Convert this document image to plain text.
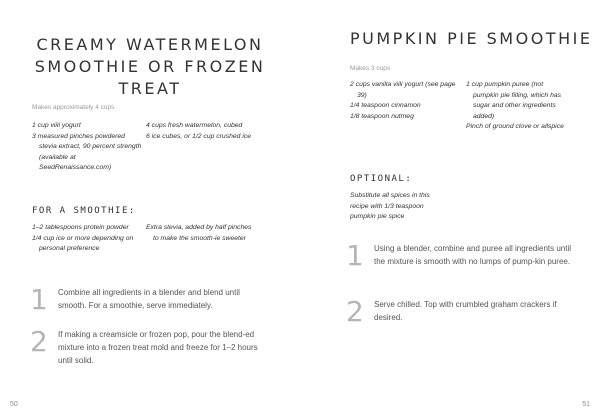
CREAMY WATERMELON
SMOOTHIE OR FROZEN
TREAT
Makes approximately 4 cups
1 cup viili yogurt
3 measured pinches powdered stevia extract, 90 percent strength (available at SeedRenaissance.com)
4 cups fresh watermelon, cubed
6 ice cubes, or 1/2 cup crushed ice
FOR A SMOOTHIE:
1–2 tablespoons protein powder
1/4 cup ice or more depending on personal preference
Extra stevia, added by half pinches to make the smooth-ie sweeter
1	Combine all ingredients in a blender and blend until smooth. For a smoothie, serve immediately.
2	If making a creamsicle or frozen pop, pour the blend-ed mixture into a frozen treat mold and freeze for 1–2 hours until solid.
50
PUMPKIN PIE SMOOTHIE
Makes 3 cups
2 cups vanilla viili yogurt (see page 39)
1/4 teaspoon cinnamon
1/8 teaspoon nutmeg
1 cup pumpkin puree (not pumpkin pie filling, which has sugar and other ingredients added)
Pinch of ground clove or allspice
OPTIONAL:
Substitute all spices in this recipe with 1/3 teaspoon pumpkin pie spice
1	Using a blender, combine and puree all ingredients until the mixture is smooth with no lumps of pump-kin puree.
2	Serve chilled. Top with crumbled graham crackers if desired.
51
